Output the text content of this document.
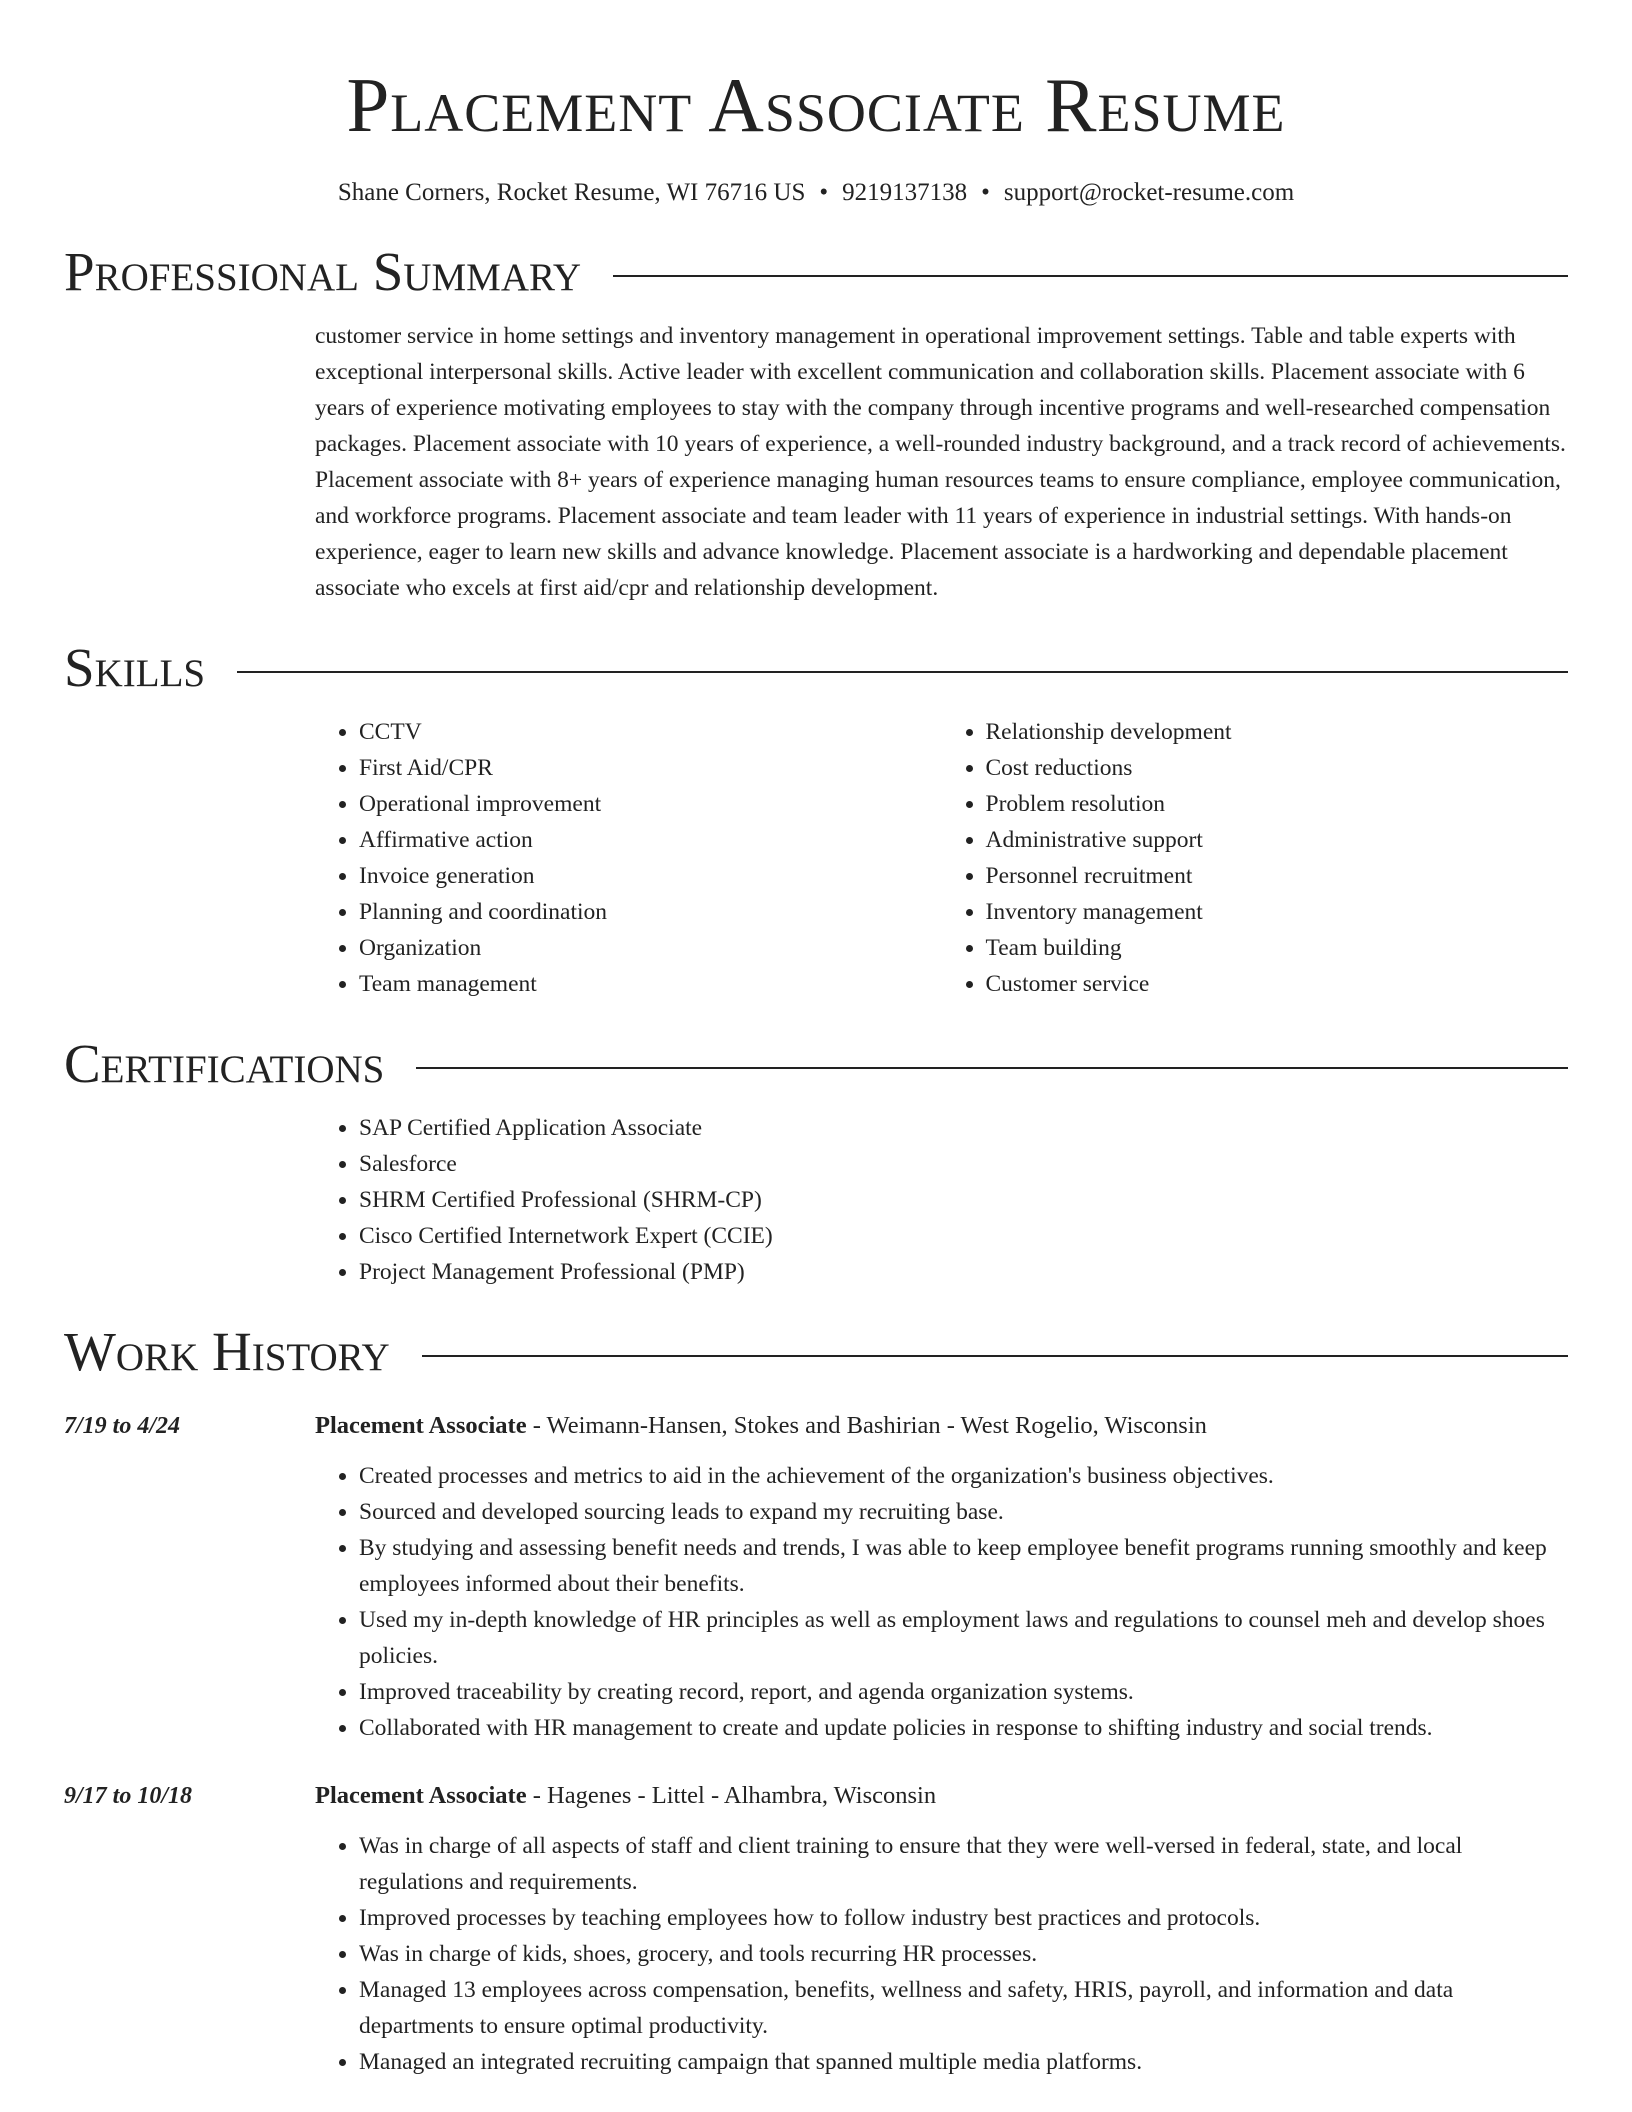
Placement Associate Resume
Shane Corners, Rocket Resume, WI 76716 US • 9219137138 • support@rocket-resume.com
Professional Summary

customer service in home settings and inventory management in operational improvement settings. Table and table experts with exceptional interpersonal skills. Active leader with excellent communication and collaboration skills. Placement associate with 6 years of experience motivating employees to stay with the company through incentive programs and well-researched compensation packages. Placement associate with 10 years of experience, a well-rounded industry background, and a track record of achievements. Placement associate with 8+ years of experience managing human resources teams to ensure compliance, employee communication, and workforce programs. Placement associate and team leader with 11 years of experience in industrial settings. With hands-on experience, eager to learn new skills and advance knowledge. Placement associate is a hardworking and dependable placement associate who excels at first aid/cpr and relationship development.

Skills
• CCTV
• First Aid/CPR
• Operational improvement
• Affirmative action
• Invoice generation
• Planning and coordination
• Organization
• Team management
• Relationship development
• Cost reductions
• Problem resolution
• Administrative support
• Personnel recruitment
• Inventory management
• Team building
• Customer service
Certifications
• SAP Certified Application Associate
• Salesforce
• SHRM Certified Professional (SHRM-CP)
• Cisco Certified Internetwork Expert (CCIE)
• Project Management Professional (PMP)
Work History
7/19 to 4/24	Placement Associate - Weimann-Hansen, Stokes and Bashirian - West Rogelio, Wisconsin
• Created processes and metrics to aid in the achievement of the organization's business objectives.
• Sourced and developed sourcing leads to expand my recruiting base.
• By studying and assessing benefit needs and trends, I was able to keep employee benefit programs running smoothly and keep employees informed about their benefits.
• Used my in-depth knowledge of HR principles as well as employment laws and regulations to counsel meh and develop shoes policies.
• Improved traceability by creating record, report, and agenda organization systems.
• Collaborated with HR management to create and update policies in response to shifting industry and social trends.
9/17 to 10/18	Placement Associate - Hagenes - Littel - Alhambra, Wisconsin
• Was in charge of all aspects of staff and client training to ensure that they were well-versed in federal, state, and local regulations and requirements.
• Improved processes by teaching employees how to follow industry best practices and protocols.
• Was in charge of kids, shoes, grocery, and tools recurring HR processes.
• Managed 13 employees across compensation, benefits, wellness and safety, HRIS, payroll, and information and data departments to ensure optimal productivity.
• Managed an integrated recruiting campaign that spanned multiple media platforms.
